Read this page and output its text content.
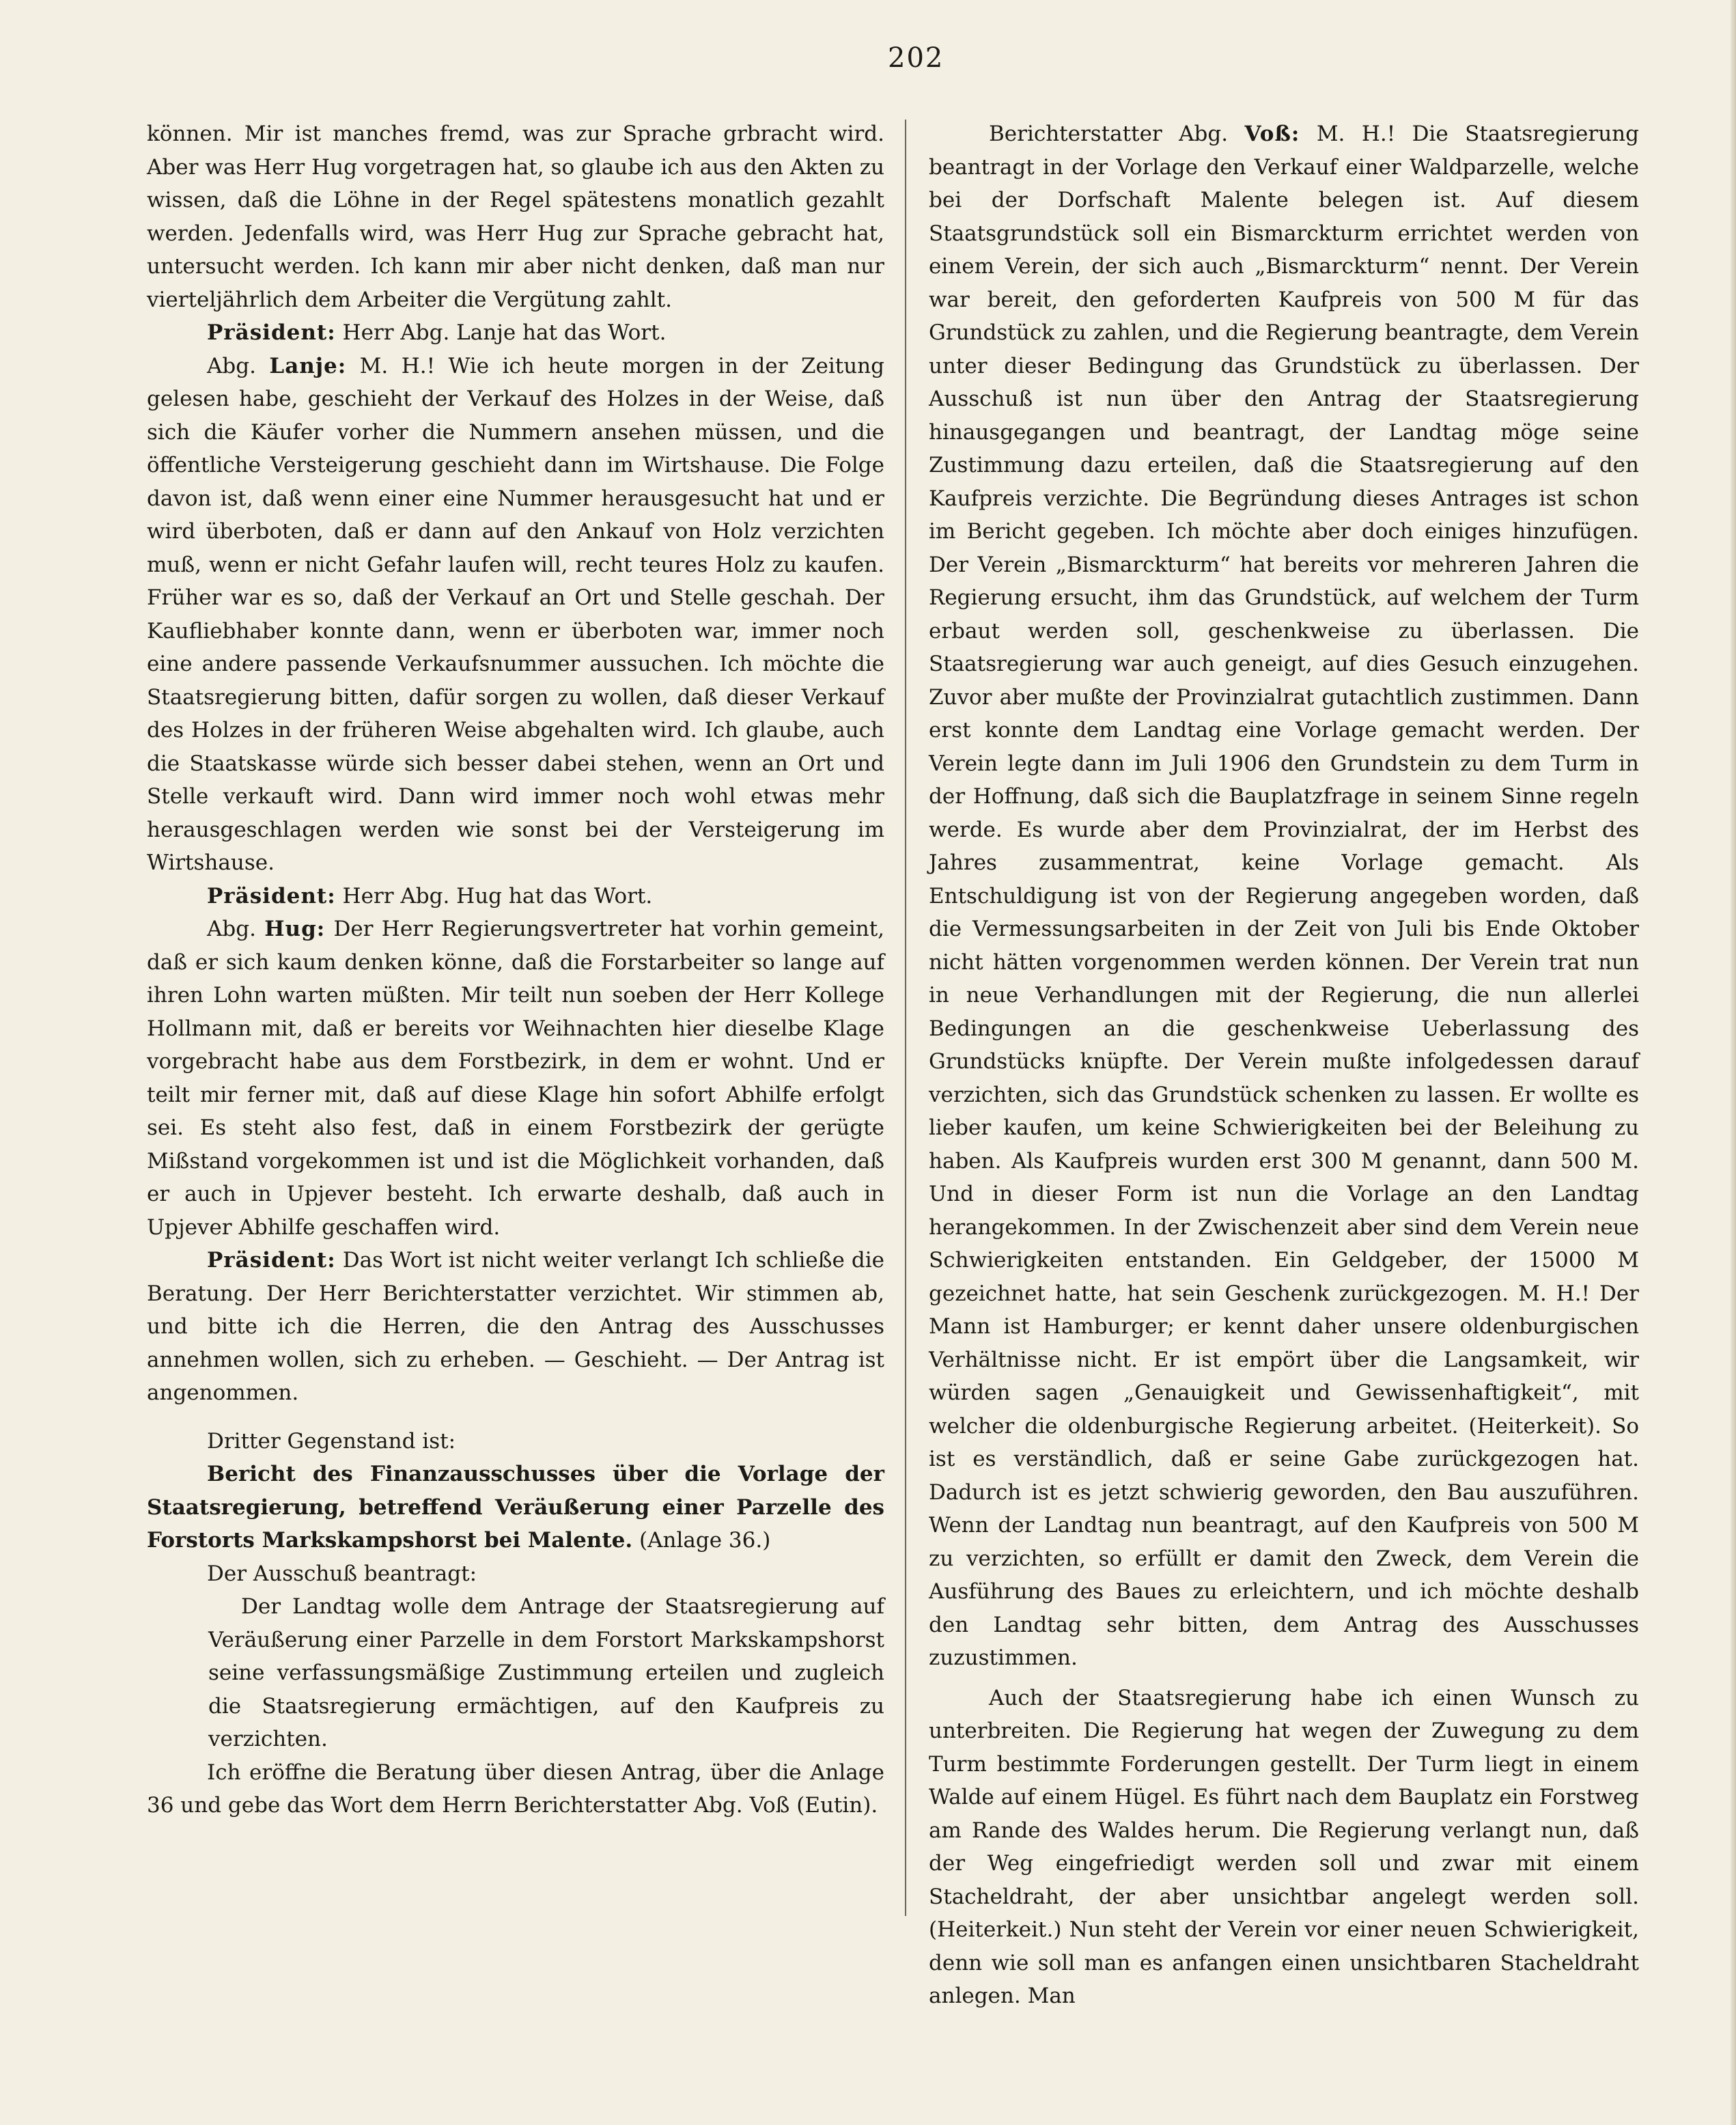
202

können. Mir ist manches fremd, was zur Sprache grbracht wird. Aber was Herr Hug vorgetragen hat, so glaube ich aus den Akten zu wissen, daß die Löhne in der Regel spätestens monatlich gezahlt werden. Jedenfalls wird, was Herr Hug zur Sprache gebracht hat, untersucht werden. Ich kann mir aber nicht denken, daß man nur vierteljährlich dem Arbeiter die Vergütung zahlt.

Präsident: Herr Abg. Lanje hat das Wort.

Abg. Lanje: M. H.! Wie ich heute morgen in der Zeitung gelesen habe, geschieht der Verkauf des Holzes in der Weise, daß sich die Käufer vorher die Nummern ansehen müssen, und die öffentliche Versteigerung geschieht dann im Wirtshause. Die Folge davon ist, daß wenn einer eine Nummer herausgesucht hat und er wird überboten, daß er dann auf den Ankauf von Holz verzichten muß, wenn er nicht Gefahr laufen will, recht teures Holz zu kaufen. Früher war es so, daß der Verkauf an Ort und Stelle geschah. Der Kaufliebhaber konnte dann, wenn er überboten war, immer noch eine andere passende Verkaufsnummer aussuchen. Ich möchte die Staatsregierung bitten, dafür sorgen zu wollen, daß dieser Verkauf des Holzes in der früheren Weise abgehalten wird. Ich glaube, auch die Staatskasse würde sich besser dabei stehen, wenn an Ort und Stelle verkauft wird. Dann wird immer noch wohl etwas mehr herausgeschlagen werden wie sonst bei der Versteigerung im Wirtshause.

Präsident: Herr Abg. Hug hat das Wort.

Abg. Hug: Der Herr Regierungsvertreter hat vorhin gemeint, daß er sich kaum denken könne, daß die Forstarbeiter so lange auf ihren Lohn warten müßten. Mir teilt nun soeben der Herr Kollege Hollmann mit, daß er bereits vor Weihnachten hier dieselbe Klage vorgebracht habe aus dem Forstbezirk, in dem er wohnt. Und er teilt mir ferner mit, daß auf diese Klage hin sofort Abhilfe erfolgt sei. Es steht also fest, daß in einem Forstbezirk der gerügte Mißstand vorgekommen ist und ist die Möglichkeit vorhanden, daß er auch in Upjever besteht. Ich erwarte deshalb, daß auch in Upjever Abhilfe geschaffen wird.

Präsident: Das Wort ist nicht weiter verlangt Ich schließe die Beratung. Der Herr Berichterstatter verzichtet. Wir stimmen ab, und bitte ich die Herren, die den Antrag des Ausschusses annehmen wollen, sich zu erheben. — Geschieht. — Der Antrag ist angenommen.

Dritter Gegenstand ist:

Bericht des Finanzausschusses über die Vorlage der Staatsregierung, betreffend Veräußerung einer Parzelle des Forstorts Markskampshorst bei Malente. (Anlage 36.)

Der Ausschuß beantragt:

Der Landtag wolle dem Antrage der Staatsregierung auf Veräußerung einer Parzelle in dem Forstort Markskampshorst seine verfassungsmäßige Zustimmung erteilen und zugleich die Staatsregierung ermächtigen, auf den Kaufpreis zu verzichten.

Ich eröffne die Beratung über diesen Antrag, über die Anlage 36 und gebe das Wort dem Herrn Berichterstatter Abg. Voß (Eutin).

Berichterstatter Abg. Voß: M. H.! Die Staatsregierung beantragt in der Vorlage den Verkauf einer Waldparzelle, welche bei der Dorfschaft Malente belegen ist. Auf diesem Staatsgrundstück soll ein Bismarckturm errichtet werden von einem Verein, der sich auch „Bismarckturm“ nennt. Der Verein war bereit, den geforderten Kaufpreis von 500 M für das Grundstück zu zahlen, und die Regierung beantragte, dem Verein unter dieser Bedingung das Grundstück zu überlassen. Der Ausschuß ist nun über den Antrag der Staatsregierung hinausgegangen und beantragt, der Landtag möge seine Zustimmung dazu erteilen, daß die Staatsregierung auf den Kaufpreis verzichte. Die Begründung dieses Antrages ist schon im Bericht gegeben. Ich möchte aber doch einiges hinzufügen. Der Verein „Bismarckturm“ hat bereits vor mehreren Jahren die Regierung ersucht, ihm das Grundstück, auf welchem der Turm erbaut werden soll, geschenkweise zu überlassen. Die Staatsregierung war auch geneigt, auf dies Gesuch einzugehen. Zuvor aber mußte der Provinzialrat gutachtlich zustimmen. Dann erst konnte dem Landtag eine Vorlage gemacht werden. Der Verein legte dann im Juli 1906 den Grundstein zu dem Turm in der Hoffnung, daß sich die Bauplatzfrage in seinem Sinne regeln werde. Es wurde aber dem Provinzialrat, der im Herbst des Jahres zusammentrat, keine Vorlage gemacht. Als Entschuldigung ist von der Regierung angegeben worden, daß die Vermessungsarbeiten in der Zeit von Juli bis Ende Oktober nicht hätten vorgenommen werden können. Der Verein trat nun in neue Verhandlungen mit der Regierung, die nun allerlei Bedingungen an die geschenkweise Ueberlassung des Grundstücks knüpfte. Der Verein mußte infolgedessen darauf verzichten, sich das Grundstück schenken zu lassen. Er wollte es lieber kaufen, um keine Schwierigkeiten bei der Beleihung zu haben. Als Kaufpreis wurden erst 300 M genannt, dann 500 M. Und in dieser Form ist nun die Vorlage an den Landtag herangekommen. In der Zwischenzeit aber sind dem Verein neue Schwierigkeiten entstanden. Ein Geldgeber, der 15000 M gezeichnet hatte, hat sein Geschenk zurückgezogen. M. H.! Der Mann ist Hamburger; er kennt daher unsere oldenburgischen Verhältnisse nicht. Er ist empört über die Langsamkeit, wir würden sagen „Genauigkeit und Gewissenhaftigkeit“, mit welcher die oldenburgische Regierung arbeitet. (Heiterkeit). So ist es verständlich, daß er seine Gabe zurückgezogen hat. Dadurch ist es jetzt schwierig geworden, den Bau auszuführen. Wenn der Landtag nun beantragt, auf den Kaufpreis von 500 M zu verzichten, so erfüllt er damit den Zweck, dem Verein die Ausführung des Baues zu erleichtern, und ich möchte deshalb den Landtag sehr bitten, dem Antrag des Ausschusses zuzustimmen.

Auch der Staatsregierung habe ich einen Wunsch zu unterbreiten. Die Regierung hat wegen der Zuwegung zu dem Turm bestimmte Forderungen gestellt. Der Turm liegt in einem Walde auf einem Hügel. Es führt nach dem Bauplatz ein Forstweg am Rande des Waldes herum. Die Regierung verlangt nun, daß der Weg eingefriedigt werden soll und zwar mit einem Stacheldraht, der aber unsichtbar angelegt werden soll. (Heiterkeit.) Nun steht der Verein vor einer neuen Schwierigkeit, denn wie soll man es anfangen einen unsichtbaren Stacheldraht anlegen. Man
